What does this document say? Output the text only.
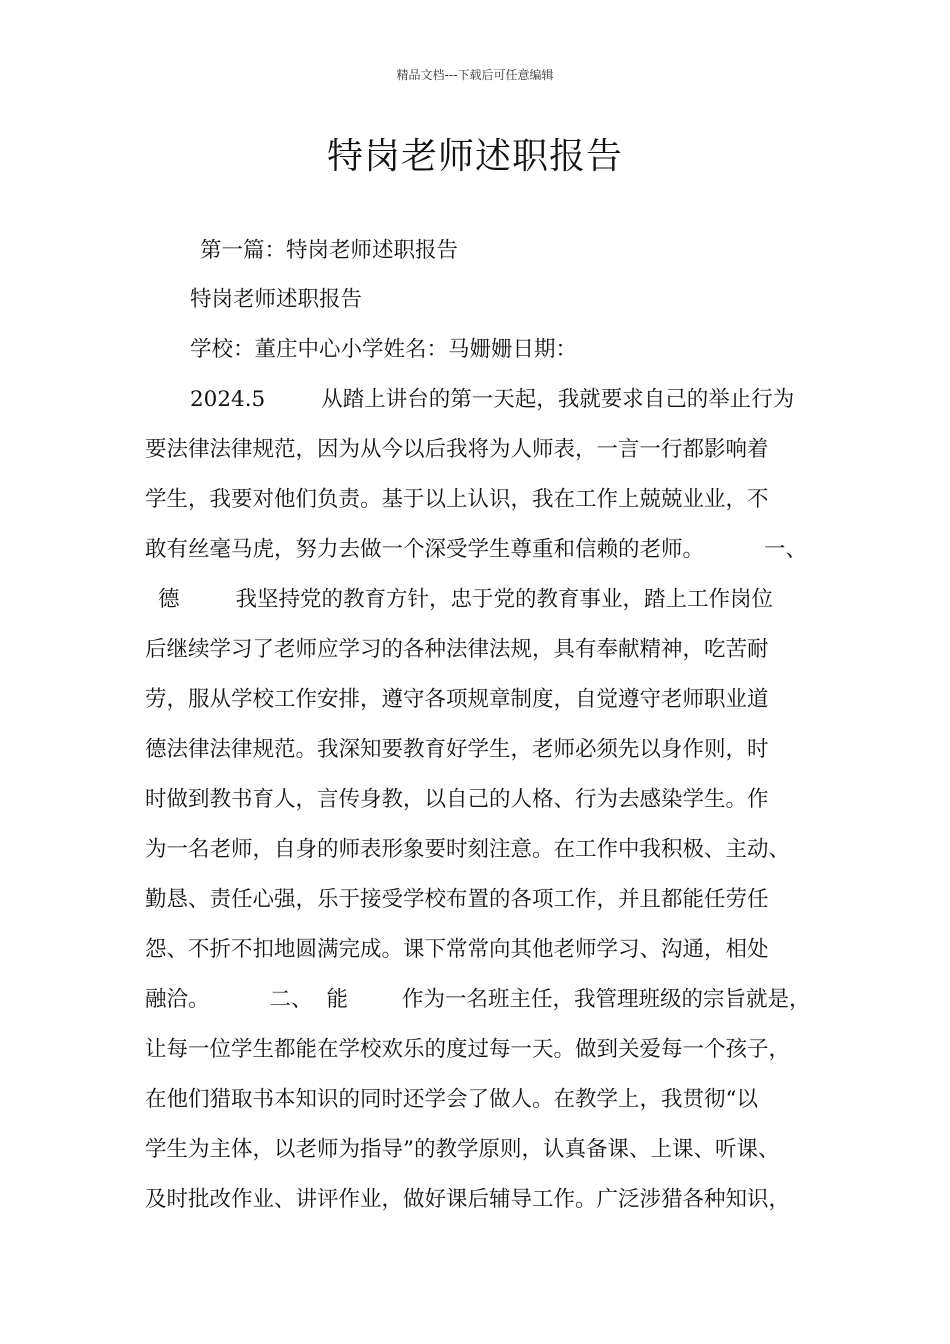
精品文档---下载后可任意编辑
特岗老师述职报告
第一篇：特岗老师述职报告
特岗老师述职报告
学校：董庄中心小学姓名：马姗姗日期：
2024.5	从踏上讲台的第一天起，我就要求自己的举止行为
要法律法律规范，因为从今以后我将为人师表，一言一行都影响着
学生，我要对他们负责。基于以上认识，我在工作上兢兢业业，不
敢有丝毫马虎，努力去做一个深受学生尊重和信赖的老师。	一、
德	我坚持党的教育方针，忠于党的教育事业，踏上工作岗位
后继续学习了老师应学习的各种法律法规，具有奉献精神，吃苦耐
劳，服从学校工作安排，遵守各项规章制度，自觉遵守老师职业道
德法律法律规范。我深知要教育好学生，老师必须先以身作则，时
时做到教书育人，言传身教，以自己的人格、行为去感染学生。作
为一名老师，自身的师表形象要时刻注意。在工作中我积极、主动、
勤恳、责任心强，乐于接受学校布置的各项工作，并且都能任劳任
怨、不折不扣地圆满完成。课下常常向其他老师学习、沟通，相处
融洽。	二、 能	作为一名班主任，我管理班级的宗旨就是，
让每一位学生都能在学校欢乐的度过每一天。做到关爱每一个孩子，
在他们猎取书本知识的同时还学会了做人。在教学上，我贯彻“以
学生为主体，以老师为指导”的教学原则，认真备课、上课、听课、
及时批改作业、讲评作业，做好课后辅导工作。广泛涉猎各种知识，
